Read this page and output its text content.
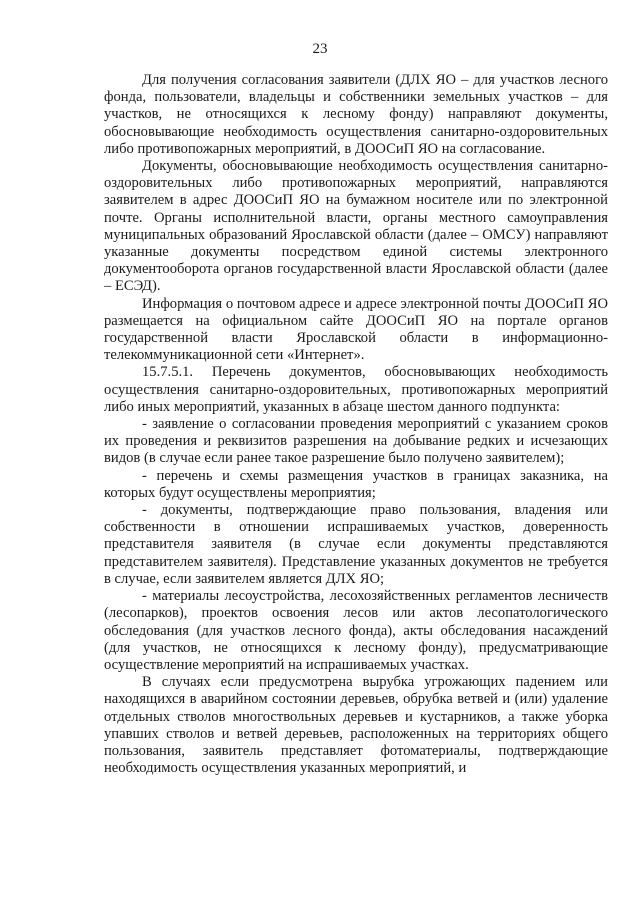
23

Для получения согласования заявители (ДЛХ ЯО – для участков лесного фонда, пользователи, владельцы и собственники земельных участков – для участков, не относящихся к лесному фонду) направляют документы, обосновывающие необходимость осуществления санитарно-оздоровительных либо противопожарных мероприятий, в ДООСиП ЯО на согласование.

Документы, обосновывающие необходимость осуществления санитарно-оздоровительных либо противопожарных мероприятий, направляются заявителем в адрес ДООСиП ЯО на бумажном носителе или по электронной почте. Органы исполнительной власти, органы местного самоуправления муниципальных образований Ярославской области (далее – ОМСУ) направляют указанные документы посредством единой системы электронного документооборота органов государственной власти Ярославской области (далее – ЕСЭД).

Информация о почтовом адресе и адресе электронной почты ДООСиП ЯО размещается на официальном сайте ДООСиП ЯО на портале органов государственной власти Ярославской области в информационно-телекоммуникационной сети «Интернет».

15.7.5.1. Перечень документов, обосновывающих необходимость осуществления санитарно-оздоровительных, противопожарных мероприятий либо иных мероприятий, указанных в абзаце шестом данного подпункта:

- заявление о согласовании проведения мероприятий с указанием сроков их проведения и реквизитов разрешения на добывание редких и исчезающих видов (в случае если ранее такое разрешение было получено заявителем);

- перечень и схемы размещения участков в границах заказника, на которых будут осуществлены мероприятия;

- документы, подтверждающие право пользования, владения или собственности в отношении испрашиваемых участков, доверенность представителя заявителя (в случае если документы представляются представителем заявителя). Представление указанных документов не требуется в случае, если заявителем является ДЛХ ЯО;

- материалы лесоустройства, лесохозяйственных регламентов лесничеств (лесопарков), проектов освоения лесов или актов лесопатологического обследования (для участков лесного фонда), акты обследования насаждений (для участков, не относящихся к лесному фонду), предусматривающие осуществление мероприятий на испрашиваемых участках.

В случаях если предусмотрена вырубка угрожающих падением или находящихся в аварийном состоянии деревьев, обрубка ветвей и (или) удаление отдельных стволов многоствольных деревьев и кустарников, а также уборка упавших стволов и ветвей деревьев, расположенных на территориях общего пользования, заявитель представляет фотоматериалы, подтверждающие необходимость осуществления указанных мероприятий, и
